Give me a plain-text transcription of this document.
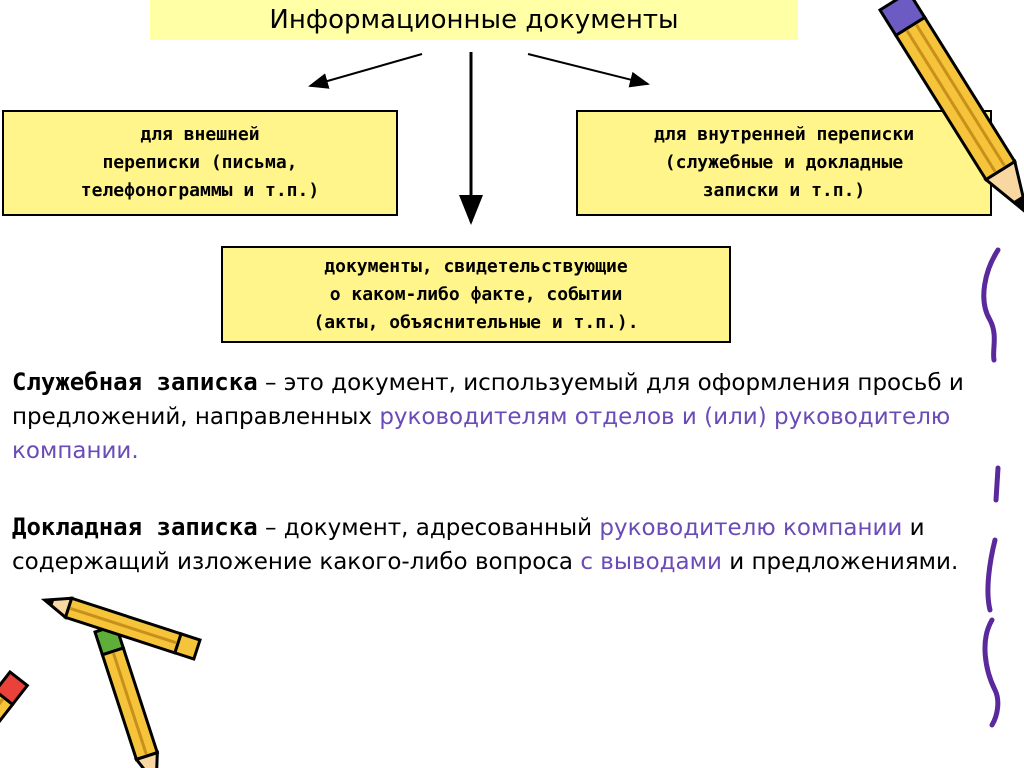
Информационные документы
для внешней
переписки (письма,
телефонограммы и т.п.)
для внутренней переписки
(служебные и докладные
записки и т.п.)
документы, свидетельствующие
о каком-либо факте, событии
(акты, объяснительные и т.п.).
Служебная записка – это документ, используемый для оформления просьб и предложений, направленных руководителям отделов и (или) руководителю компании.
Докладная записка – документ, адресованный руководителю компании и содержащий изложение какого-либо вопроса с выводами и предложениями.
